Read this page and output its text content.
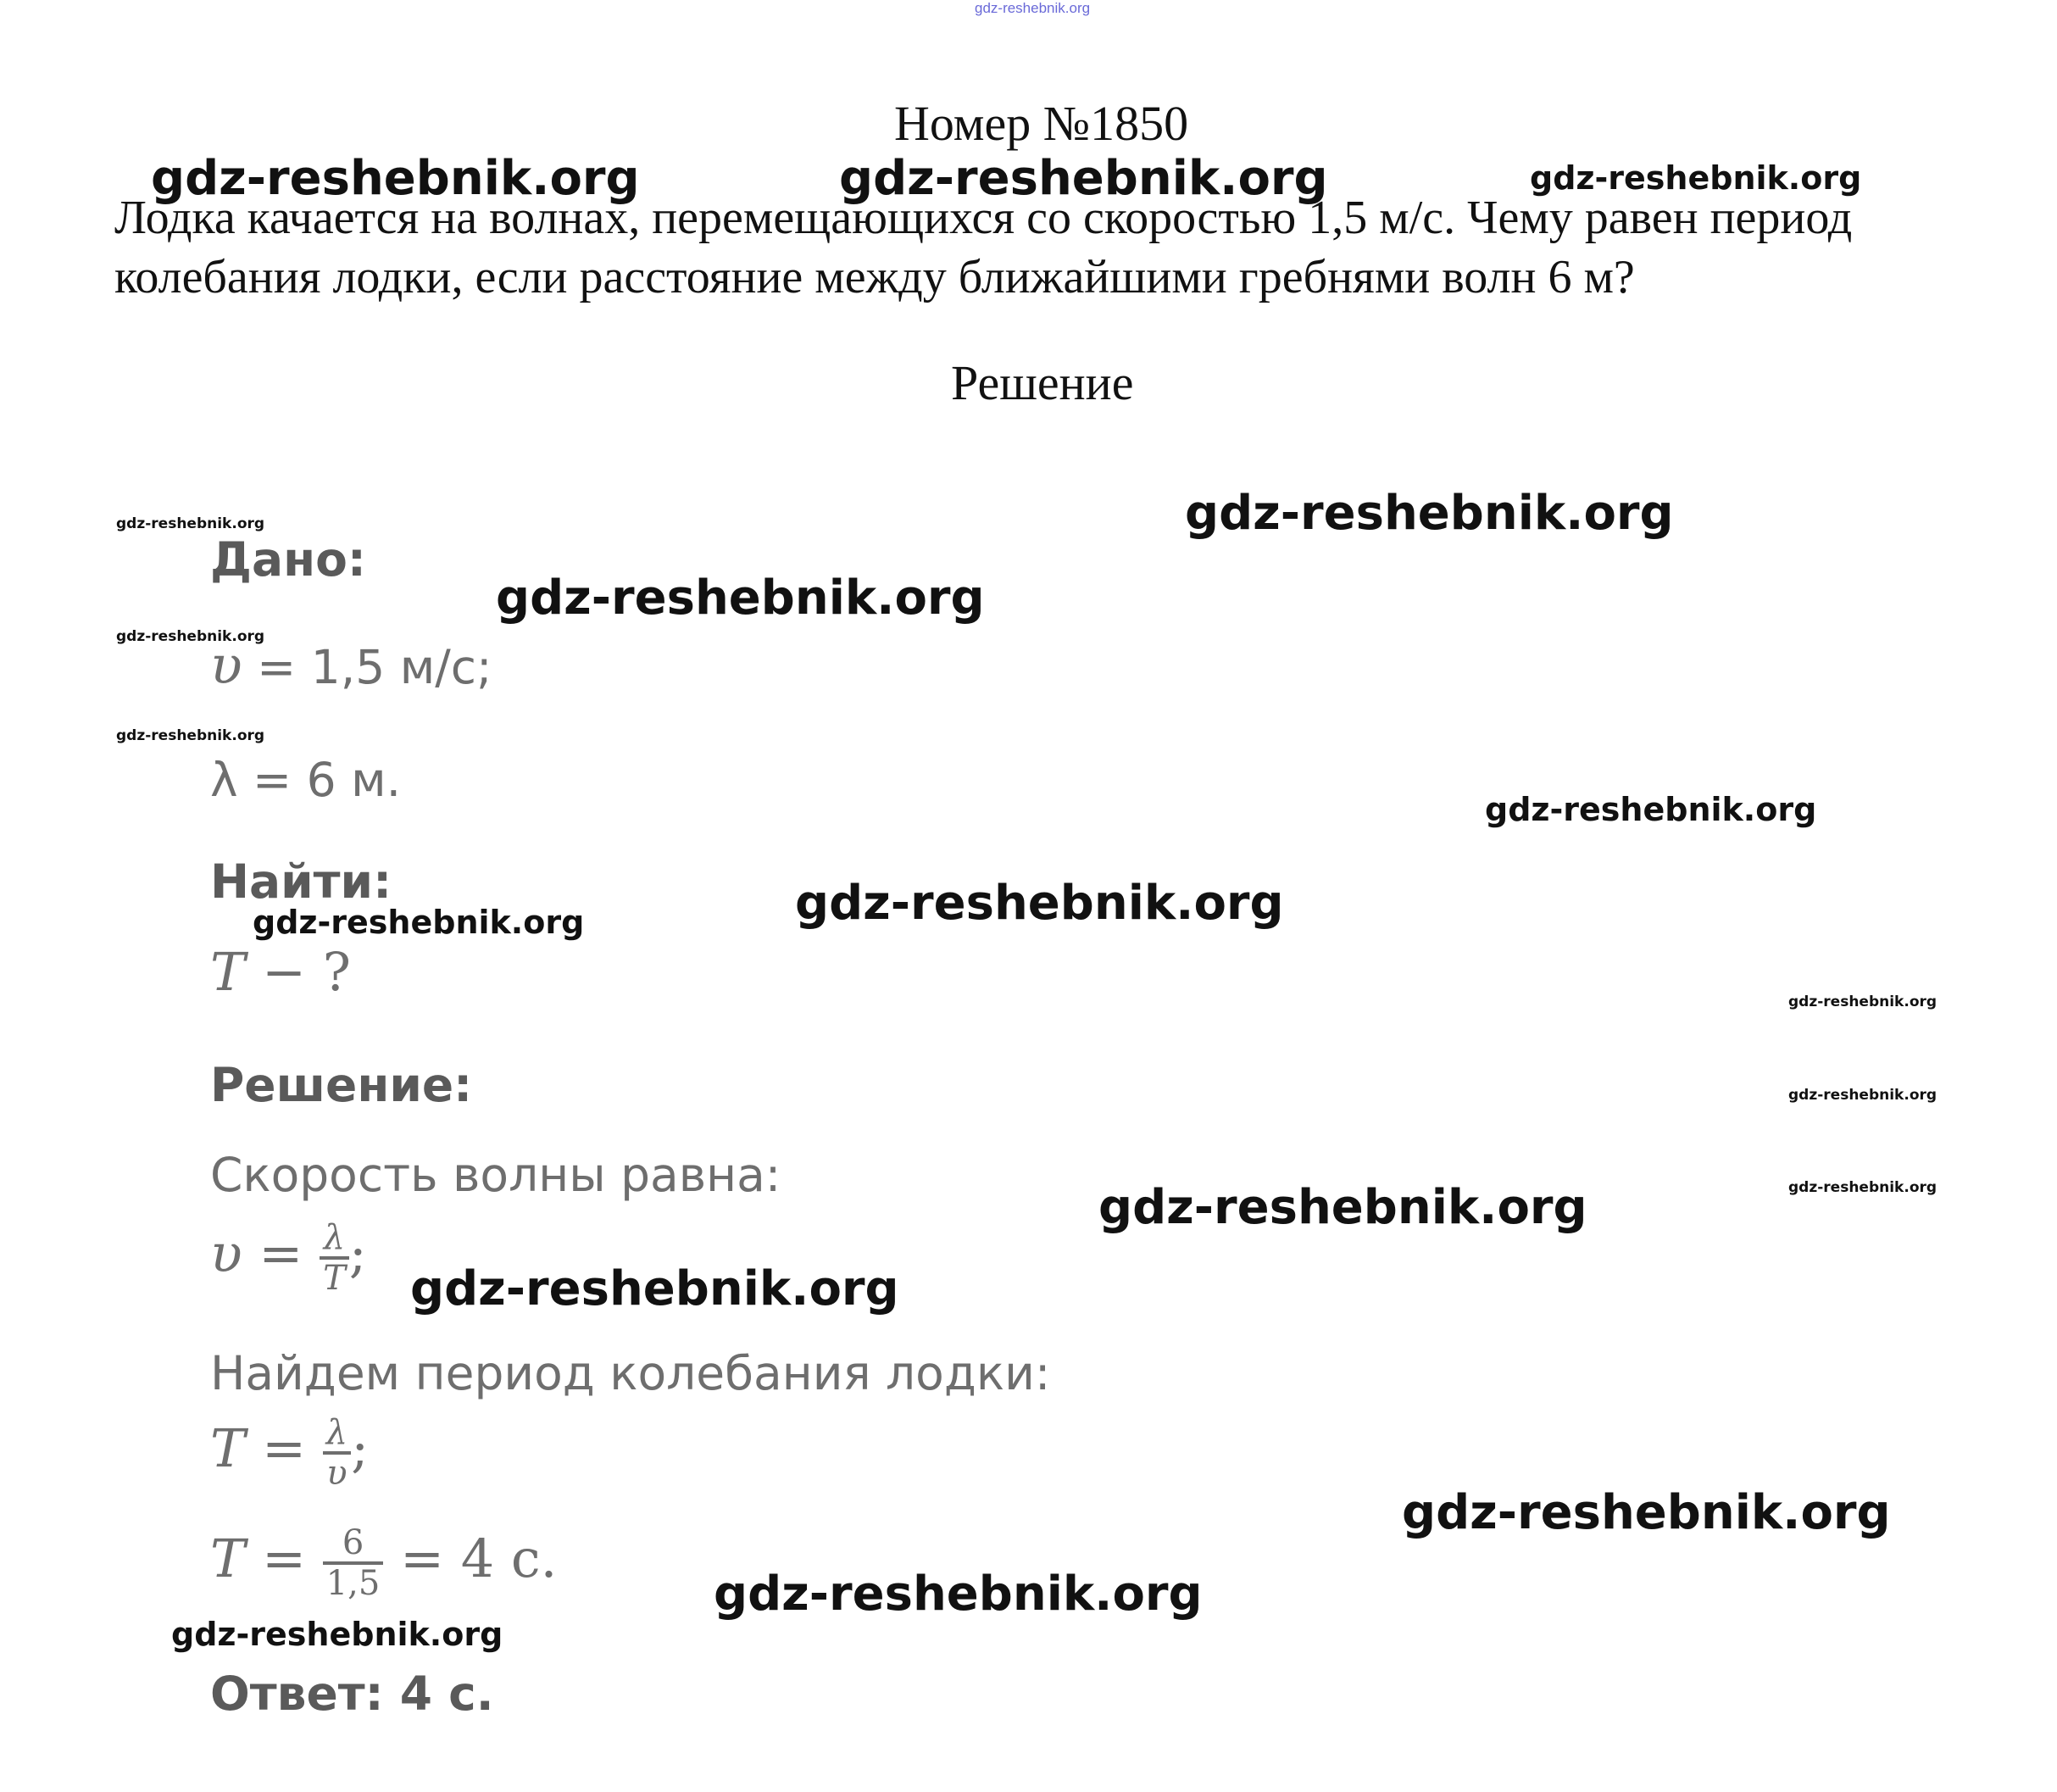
gdz-reshebnik.org
Номер №1850
Лодка качается на волнах, перемещающихся со скоростью 1,5 м/с. Чему равен период колебания лодки, если расстояние между ближайшими гребнями волн 6 м?
Решение
Дано:
υ = 1,5 м/с;
λ = 6 м.
Найти:
T − ?
Решение:
Скорость волны равна:
$\upsilon = \frac{\lambda}{T}$ ;
Найдем период колебания лодки:
$T = \frac{\lambda}{\upsilon}$ ;
$T = \frac{6}{1,5} = 4$ с.
Ответ: 4 с.
gdz-reshebnik.org	gdz-reshebnik.org	gdz-reshebnik.org
gdz-reshebnik.org	gdz-reshebnik.org
gdz-reshebnik.org
gdz-reshebnik.org
gdz-reshebnik.org
gdz-reshebnik.org
gdz-reshebnik.org
gdz-reshebnik.org
gdz-reshebnik.org
gdz-reshebnik.org
gdz-reshebnik.org
gdz-reshebnik.org
gdz-reshebnik.org
gdz-reshebnik.org
gdz-reshebnik.org
gdz-reshebnik.org
